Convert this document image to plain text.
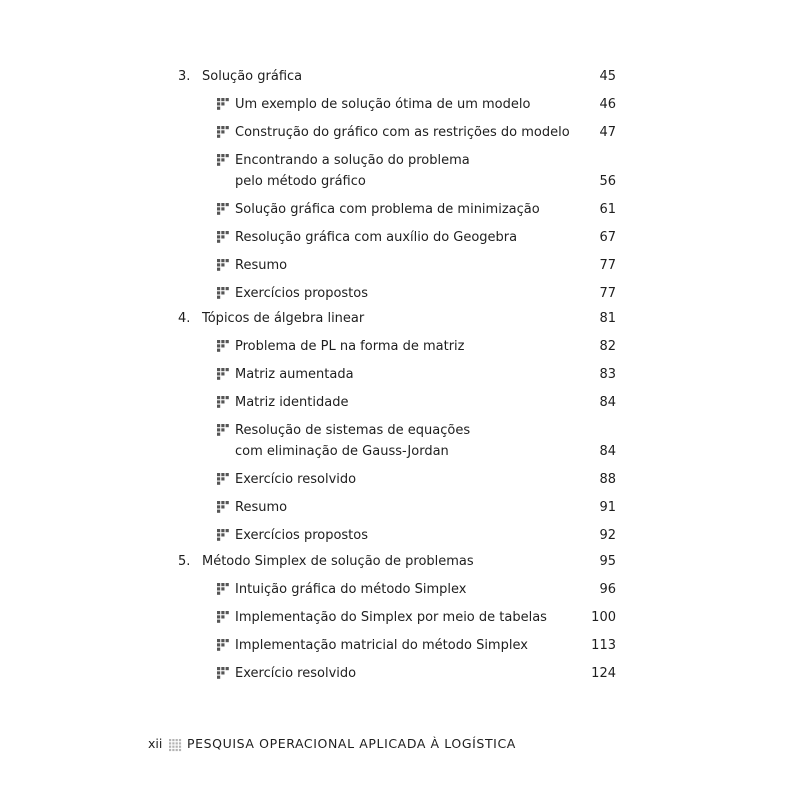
3. Solução gráfica	45
Um exemplo de solução ótima de um modelo	46
Construção do gráfico com as restrições do modelo 47
Encontrando a solução do problema
pelo método gráfico	56
Solução gráfica com problema de minimização	61
Resolução gráfica com auxílio do Geogebra	67
Resumo	77
Exercícios propostos	77
4. Tópicos de álgebra linear	81
Problema de PL na forma de matriz	82
Matriz aumentada	83
Matriz identidade	84
Resolução de sistemas de equações
com eliminação de Gauss-Jordan	84
Exercício resolvido	88
Resumo	91
Exercícios propostos	92
5. Método Simplex de solução de problemas	95
Intuição gráfica do método Simplex	96
Implementação do Simplex por meio de tabelas	100
Implementação matricial do método Simplex	113
Exercício resolvido	124
xii PESQUISA OPERACIONAL APLICADA À LOGÍSTICA
